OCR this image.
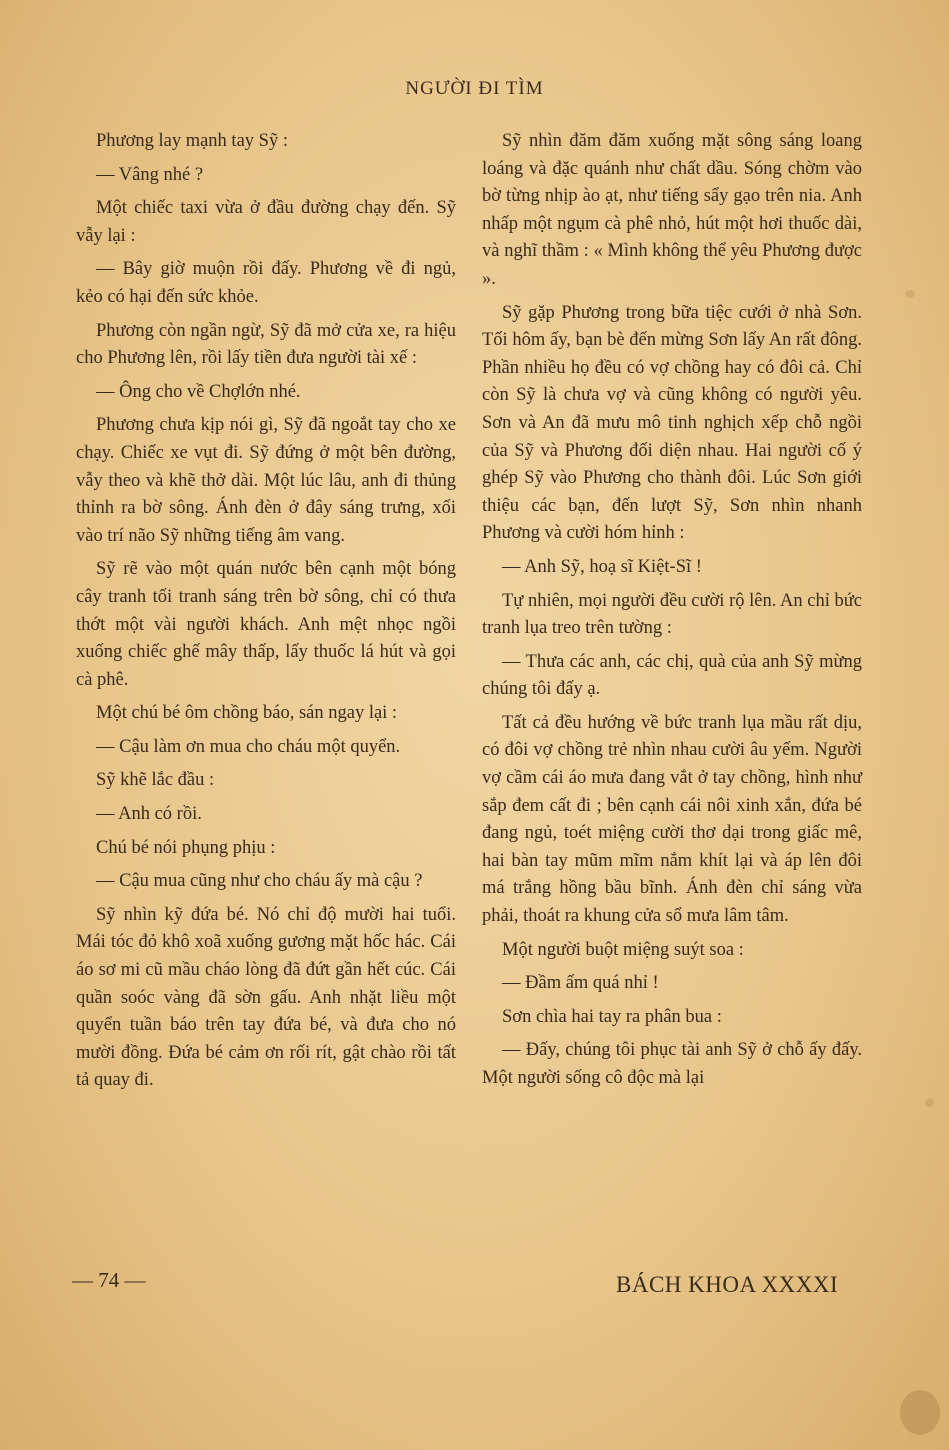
NGƯỜI ĐI TÌM

Phương lay mạnh tay Sỹ :

— Vâng nhé ?

Một chiếc taxi vừa ở đầu đường chạy đến. Sỹ vẫy lại :

— Bây giờ muộn rồi đấy. Phương về đi ngủ, kẻo có hại đến sức khỏe.

Phương còn ngần ngừ, Sỹ đã mở cửa xe, ra hiệu cho Phương lên, rồi lấy tiền đưa người tài xế :

— Ông cho về Chợlớn nhé.

Phương chưa kịp nói gì, Sỹ đã ngoắt tay cho xe chạy. Chiếc xe vụt đi. Sỹ đứng ở một bên đường, vẫy theo và khẽ thở dài. Một lúc lâu, anh đi thủng thỉnh ra bờ sông. Ánh đèn ở đây sáng trưng, xối vào trí não Sỹ những tiếng âm vang.

Sỹ rẽ vào một quán nước bên cạnh một bóng cây tranh tối tranh sáng trên bờ sông, chỉ có thưa thớt một vài người khách. Anh mệt nhọc ngồi xuống chiếc ghế mây thấp, lấy thuốc lá hút và gọi cà phê.

Một chú bé ôm chồng báo, sán ngay lại :

— Cậu làm ơn mua cho cháu một quyển.

Sỹ khẽ lắc đầu :

— Anh có rồi.

Chú bé nói phụng phịu :

— Cậu mua cũng như cho cháu ấy mà cậu ?

Sỹ nhìn kỹ đứa bé. Nó chỉ độ mười hai tuổi. Mái tóc đỏ khô xoã xuống gương mặt hốc hác. Cái áo sơ mi cũ mầu cháo lòng đã đứt gần hết cúc. Cái quần soóc vàng đã sờn gấu. Anh nhặt liều một quyển tuần báo trên tay đứa bé, và đưa cho nó mười đồng. Đứa bé cảm ơn rối rít, gật chào rồi tất tả quay đi.

Sỹ nhìn đăm đăm xuống mặt sông sáng loang loáng và đặc quánh như chất dầu. Sóng chờm vào bờ từng nhịp ào ạt, như tiếng sẩy gạo trên nia. Anh nhấp một ngụm cà phê nhỏ, hút một hơi thuốc dài, và nghĩ thầm : « Mình không thể yêu Phương được ».

Sỹ gặp Phương trong bữa tiệc cưới ở nhà Sơn. Tối hôm ấy, bạn bè đến mừng Sơn lấy An rất đông. Phần nhiều họ đều có vợ chồng hay có đôi cả. Chỉ còn Sỹ là chưa vợ và cũng không có người yêu. Sơn và An đã mưu mô tinh nghịch xếp chỗ ngồi của Sỹ và Phương đối diện nhau. Hai người cố ý ghép Sỹ vào Phương cho thành đôi. Lúc Sơn giới thiệu các bạn, đến lượt Sỹ, Sơn nhìn nhanh Phương và cười hóm hỉnh :

— Anh Sỹ, hoạ sĩ Kiệt-Sĩ !

Tự nhiên, mọi người đều cười rộ lên. An chỉ bức tranh lụa treo trên tường :

— Thưa các anh, các chị, quà của anh Sỹ mừng chúng tôi đấy ạ.

Tất cả đều hướng về bức tranh lụa mầu rất dịu, có đôi vợ chồng trẻ nhìn nhau cười âu yếm. Người vợ cầm cái áo mưa đang vắt ở tay chồng, hình như sắp đem cất đi ; bên cạnh cái nôi xinh xắn, đứa bé đang ngủ, toét miệng cười thơ dại trong giấc mê, hai bàn tay mũm mĩm nắm khít lại và áp lên đôi má trắng hồng bầu bĩnh. Ánh đèn chỉ sáng vừa phải, thoát ra khung cửa sổ mưa lâm tâm.

Một người buột miệng suýt soa :

— Đầm ấm quá nhỉ !

Sơn chìa hai tay ra phân bua :

— Đấy, chúng tôi phục tài anh Sỹ ở chỗ ấy đấy. Một người sống cô độc mà lại

— 74 —	BÁCH KHOA XXXXI
